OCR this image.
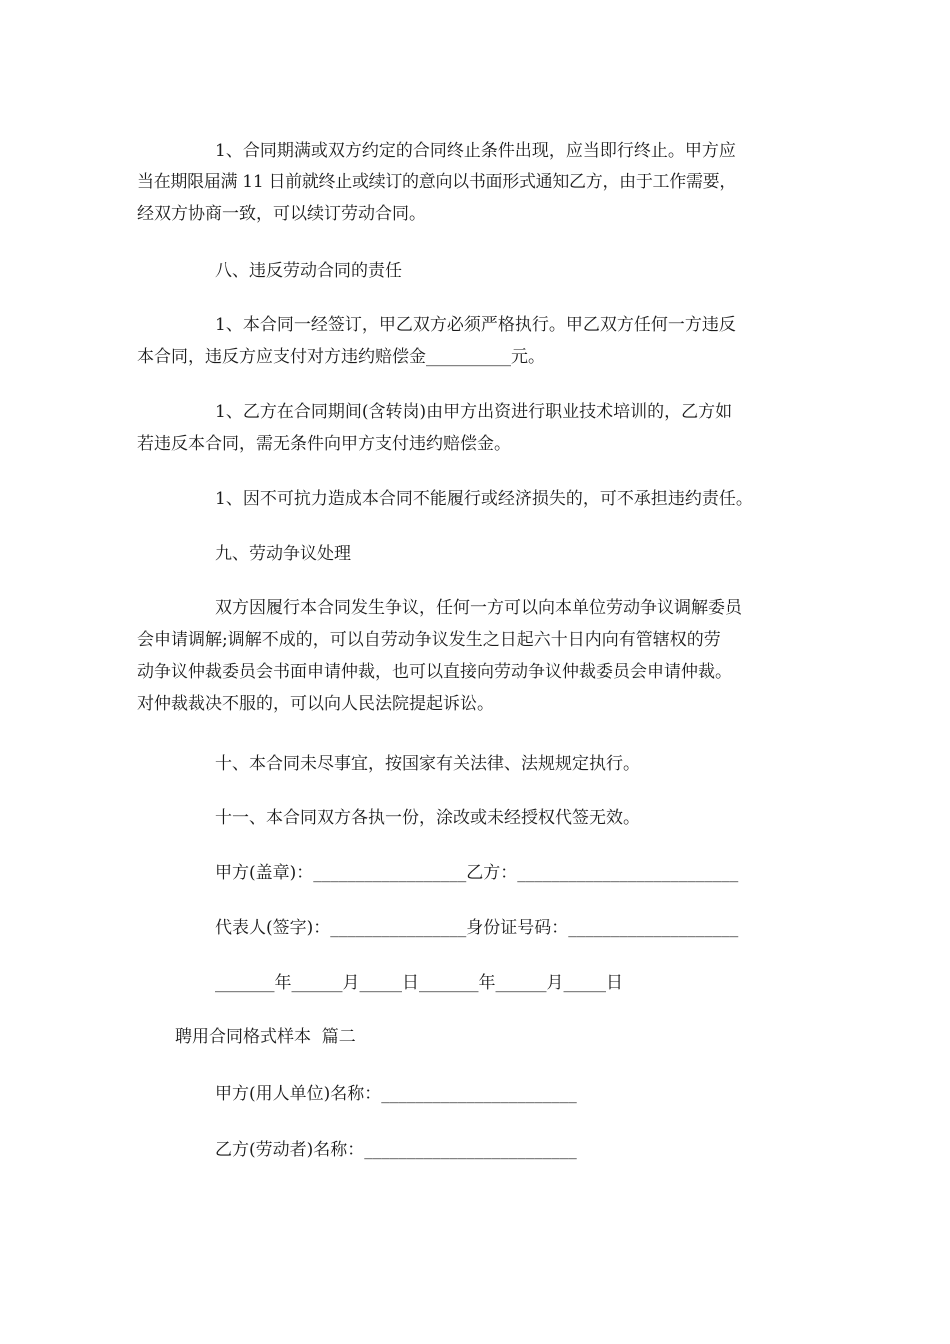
1、合同期满或双方约定的合同终止条件出现，应当即行终止。甲方应
当在期限届满 11 日前就终止或续订的意向以书面形式通知乙方，由于工作需要，
经双方协商一致，可以续订劳动合同。
八、违反劳动合同的责任
1、本合同一经签订，甲乙双方必须严格执行。甲乙双方任何一方违反
本合同，违反方应支付对方违约赔偿金__________元。
1、乙方在合同期间(含转岗)由甲方出资进行职业技术培训的，乙方如
若违反本合同，需无条件向甲方支付违约赔偿金。
1、因不可抗力造成本合同不能履行或经济损失的，可不承担违约责任。
九、劳动争议处理
双方因履行本合同发生争议，任何一方可以向本单位劳动争议调解委员
会申请调解;调解不成的，可以自劳动争议发生之日起六十日内向有管辖权的劳
动争议仲裁委员会书面申请仲裁，也可以直接向劳动争议仲裁委员会申请仲裁。
对仲裁裁决不服的，可以向人民法院提起诉讼。
十、本合同未尽事宜，按国家有关法律、法规规定执行。
十一、本合同双方各执一份，涂改或未经授权代签无效。
甲方(盖章)：__________________乙方：__________________________
代表人(签字)：________________身份证号码：____________________
_______年______月_____日_______年______月_____日
聘用合同格式样本  篇二
甲方(用人单位)名称：_______________________
乙方(劳动者)名称：_________________________
